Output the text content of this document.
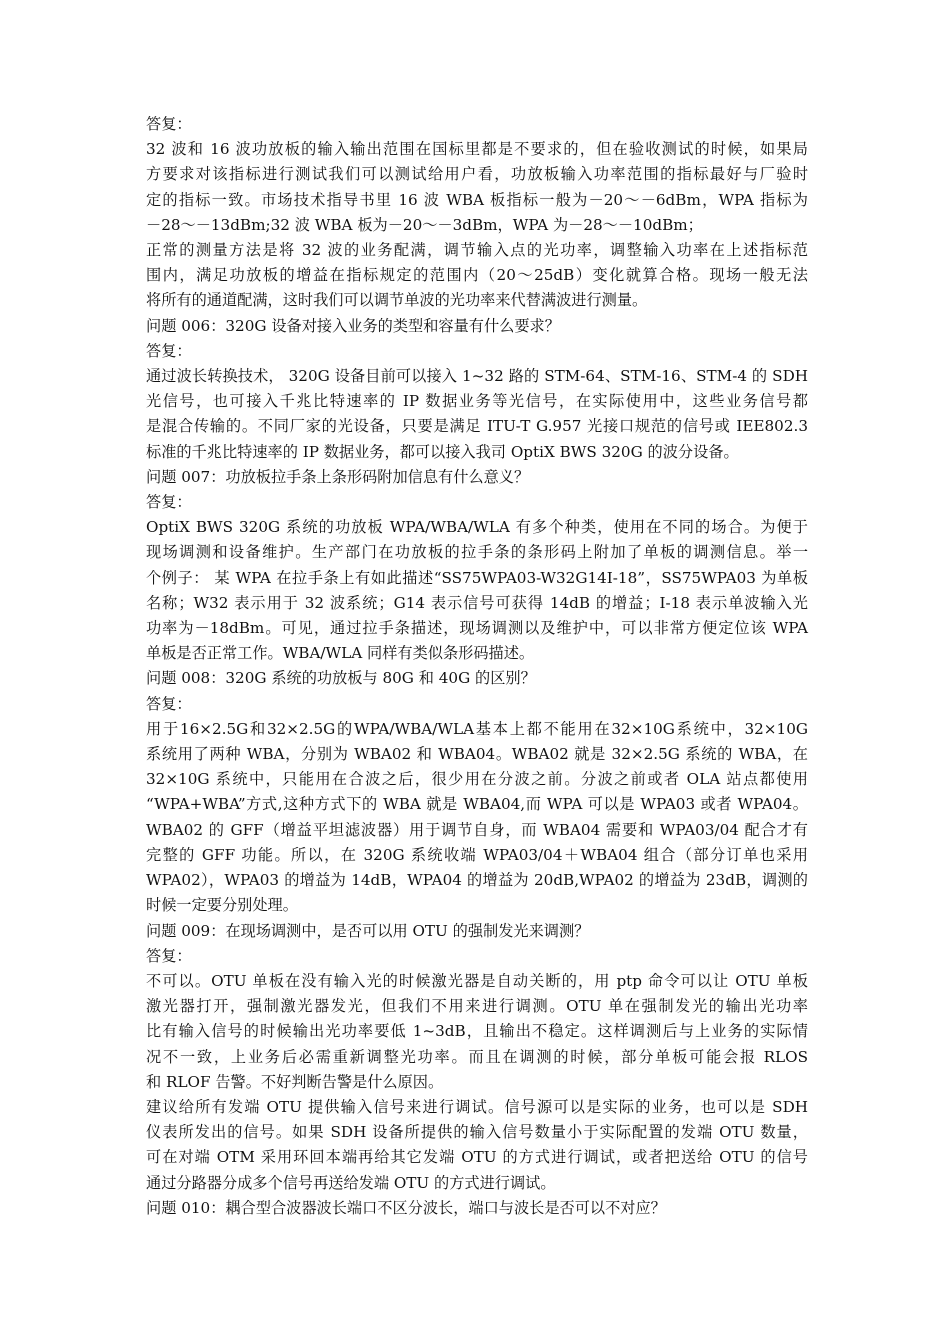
答复：

32 波和 16 波功放板的输入输出范围在国标里都是不要求的，但在验收测试的时候，如果局
方要求对该指标进行测试我们可以测试给用户看，功放板输入功率范围的指标最好与厂验时
定的指标一致。市场技术指导书里 16 波 WBA 板指标一般为－20～－6dBm，WPA 指标为
－28～－13dBm;32 波 WBA 板为－20～－3dBm，WPA 为－28～－10dBm；

正常的测量方法是将 32 波的业务配满，调节输入点的光功率，调整输入功率在上述指标范
围内，满足功放板的增益在指标规定的范围内（20～25dB）变化就算合格。现场一般无法
将所有的通道配满，这时我们可以调节单波的光功率来代替满波进行测量。

问题 006：320G 设备对接入业务的类型和容量有什么要求？

答复：

通过波长转换技术， 320G 设备目前可以接入 1~32 路的 STM-64、STM-16、STM-4 的 SDH
光信号，也可接入千兆比特速率的 IP 数据业务等光信号，在实际使用中，这些业务信号都
是混合传输的。不同厂家的光设备，只要是满足 ITU-T G.957 光接口规范的信号或 IEE802.3
标准的千兆比特速率的 IP 数据业务，都可以接入我司 OptiX BWS 320G 的波分设备。

问题 007：功放板拉手条上条形码附加信息有什么意义？

答复：

OptiX BWS 320G 系统的功放板 WPA/WBA/WLA 有多个种类，使用在不同的场合。为便于
现场调测和设备维护。生产部门在功放板的拉手条的条形码上附加了单板的调测信息。举一
个例子： 某 WPA 在拉手条上有如此描述“SS75WPA03-W32G14I-18”，SS75WPA03 为单板
名称；W32 表示用于 32 波系统；G14 表示信号可获得 14dB 的增益；I-18 表示单波输入光
功率为－18dBm。可见，通过拉手条描述，现场调测以及维护中，可以非常方便定位该 WPA
单板是否正常工作。WBA/WLA 同样有类似条形码描述。

问题 008：320G 系统的功放板与 80G 和 40G 的区别？

答复：

用于16×2.5G和32×2.5G的WPA/WBA/WLA基本上都不能用在32×10G系统中，32×10G
系统用了两种 WBA，分别为 WBA02 和 WBA04。WBA02 就是 32×2.5G 系统的 WBA，在
32×10G 系统中，只能用在合波之后，很少用在分波之前。分波之前或者 OLA 站点都使用
“WPA+WBA”方式,这种方式下的 WBA 就是 WBA04,而 WPA 可以是 WPA03 或者 WPA04。
WBA02 的 GFF（增益平坦滤波器）用于调节自身，而 WBA04 需要和 WPA03/04 配合才有
完整的 GFF 功能。所以，在 320G 系统收端 WPA03/04＋WBA04 组合（部分订单也采用
WPA02），WPA03 的增益为 14dB，WPA04 的增益为 20dB,WPA02 的增益为 23dB，调测的
时候一定要分别处理。

问题 009：在现场调测中，是否可以用 OTU 的强制发光来调测？

答复：

不可以。OTU 单板在没有输入光的时候激光器是自动关断的，用 ptp 命令可以让 OTU 单板
激光器打开，强制激光器发光，但我们不用来进行调测。OTU 单在强制发光的输出光功率
比有输入信号的时候输出光功率要低 1~3dB，且输出不稳定。这样调测后与上业务的实际情
况不一致，上业务后必需重新调整光功率。而且在调测的时候，部分单板可能会报 RLOS
和 RLOF 告警。不好判断告警是什么原因。

建议给所有发端 OTU 提供输入信号来进行调试。信号源可以是实际的业务，也可以是 SDH
仪表所发出的信号。如果 SDH 设备所提供的输入信号数量小于实际配置的发端 OTU 数量，
可在对端 OTM 采用环回本端再给其它发端 OTU 的方式进行调试，或者把送给 OTU 的信号
通过分路器分成多个信号再送给发端 OTU 的方式进行调试。

问题 010：耦合型合波器波长端口不区分波长，端口与波长是否可以不对应？
